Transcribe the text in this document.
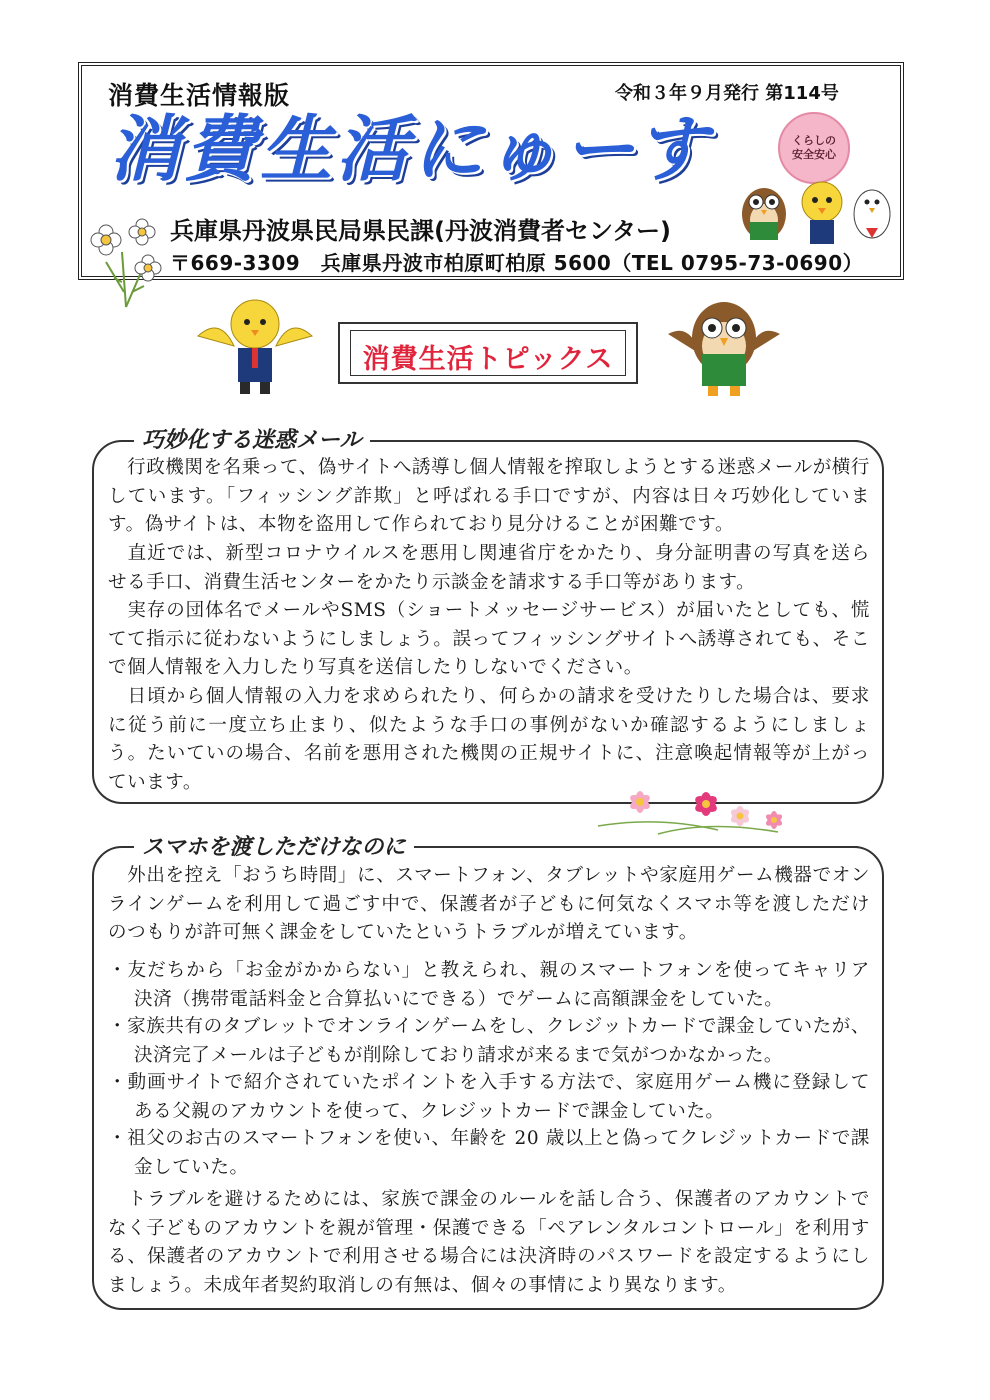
消費生活情報版	令和３年９月発行 第114号
消費生活にゅーす
兵庫県丹波県民局県民課(丹波消費者センター)
〒669-3309　兵庫県丹波市柏原町柏原 5600（TEL 0795-73-0690）
くらしの
安全安心
消費生活トピックス
巧妙化する迷惑メール
　行政機関を名乗って、偽サイトへ誘導し個人情報を搾取しようとする迷惑メールが横行しています。「フィッシング詐欺」と呼ばれる手口ですが、内容は日々巧妙化しています。偽サイトは、本物を盗用して作られており見分けることが困難です。
　直近では、新型コロナウイルスを悪用し関連省庁をかたり、身分証明書の写真を送らせる手口、消費生活センターをかたり示談金を請求する手口等があります。
　実存の団体名でメールやSMS（ショートメッセージサービス）が届いたとしても、慌てて指示に従わないようにしましょう。誤ってフィッシングサイトへ誘導されても、そこで個人情報を入力したり写真を送信したりしないでください。
　日頃から個人情報の入力を求められたり、何らかの請求を受けたりした場合は、要求に従う前に一度立ち止まり、似たような手口の事例がないか確認するようにしましょう。たいていの場合、名前を悪用された機関の正規サイトに、注意喚起情報等が上がっています。
スマホを渡しただけなのに
　外出を控え「おうち時間」に、スマートフォン、タブレットや家庭用ゲーム機器でオンラインゲームを利用して過ごす中で、保護者が子どもに何気なくスマホ等を渡しただけのつもりが許可無く課金をしていたというトラブルが増えています。
・友だちから「お金がかからない」と教えられ、親のスマートフォンを使ってキャリア決済（携帯電話料金と合算払いにできる）でゲームに高額課金をしていた。
・家族共有のタブレットでオンラインゲームをし、クレジットカードで課金していたが、決済完了メールは子どもが削除しており請求が来るまで気がつかなかった。
・動画サイトで紹介されていたポイントを入手する方法で、家庭用ゲーム機に登録してある父親のアカウントを使って、クレジットカードで課金していた。
・祖父のお古のスマートフォンを使い、年齢を 20 歳以上と偽ってクレジットカードで課金していた。
　トラブルを避けるためには、家族で課金のルールを話し合う、保護者のアカウントでなく子どものアカウントを親が管理・保護できる「ペアレンタルコントロール」を利用する、保護者のアカウントで利用させる場合には決済時のパスワードを設定するようにしましょう。未成年者契約取消しの有無は、個々の事情により異なります。
